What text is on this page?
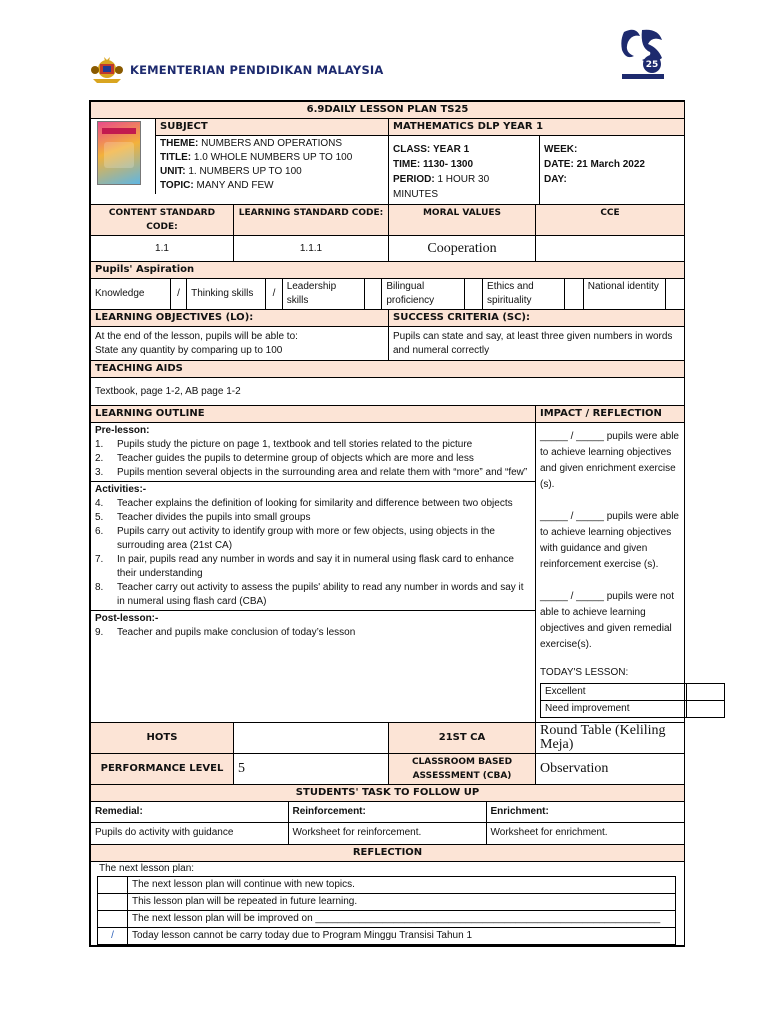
KEMENTERIAN PENDIDIKAN MALAYSIA	25
6.9DAILY LESSON PLAN TS25

SUBJECT
THEME: NUMBERS AND OPERATIONS
TITLE: 1.0 WHOLE NUMBERS UP TO 100
UNIT: 1. NUMBERS UP TO 100
TOPIC: MANY AND FEW

MATHEMATICS DLP YEAR 1
CLASS: YEAR 1
TIME: 1130- 1300
PERIOD: 1 HOUR 30 MINUTES
WEEK:
DATE: 21 March 2022
DAY:

CONTENT STANDARD CODE:	LEARNING STANDARD CODE:	MORAL VALUES	CCE
1.1	1.1.1	Cooperation	
Pupils' Aspiration

Knowledge	/	Thinking skills	/	Leadership skills		Bilingual proficiency		Ethics and spirituality		National identity	

LEARNING OBJECTIVES (LO):	SUCCESS CRITERIA (SC):

At the end of the lesson, pupils will be able to:
State any quantity by comparing up to 100
	Pupils can state and say, at least three given numbers in words and numeral correctly
TEACHING AIDS
Textbook, page 1-2, AB page 1-2
LEARNING OUTLINE	IMPACT / REFLECTION

Pre-lesson:
1.	Pupils study the picture on page 1, textbook and tell stories related to the picture
2.	Teacher guides the pupils to determine group of objects which are more and less
3.	Pupils mention several objects in the surrounding area and relate them with “more” and “few”
Activities:-
4.	Teacher explains the definition of looking for similarity and difference between two objects
5.	Teacher divides the pupils into small groups
6.	Pupils carry out activity to identify group with more or few objects, using objects in the surrouding area (21st CA)
7.	In pair, pupils read any number in words and say it in numeral using flask card to enhance their understanding
8.	Teacher carry out activity to assess the pupils' ability to read any number in words and say it in numeral using flash card (CBA)
Post-lesson:-
9.	Teacher and pupils make conclusion of today’s lesson

_____ / _____ pupils were able to achieve learning objectives and given enrichment exercise (s).
_____ / _____ pupils were able to achieve learning objectives with guidance and given reinforcement exercise (s).
_____ / _____ pupils were not able to achieve learning objectives and given remedial exercise(s).
TODAY'S LESSON:
Excellent	
Need improvement	

HOTS		21ST CA	Round Table (Keliling Meja)
PERFORMANCE LEVEL	5	CLASSROOM BASED ASSESSMENT (CBA)	Observation
STUDENTS' TASK TO FOLLOW UP

Remedial:	Reinforcement:	Enrichment:
Pupils do activity with guidance	Worksheet for reinforcement.	Worksheet for enrichment.

REFLECTION

The next lesson plan:
	The next lesson plan will continue with new topics.
	This lesson plan will be repeated in future learning.
	The next lesson plan will be improved on ______________________________________________________________
/	Today lesson cannot be carry today due to Program Minggu Transisi Tahun 1
